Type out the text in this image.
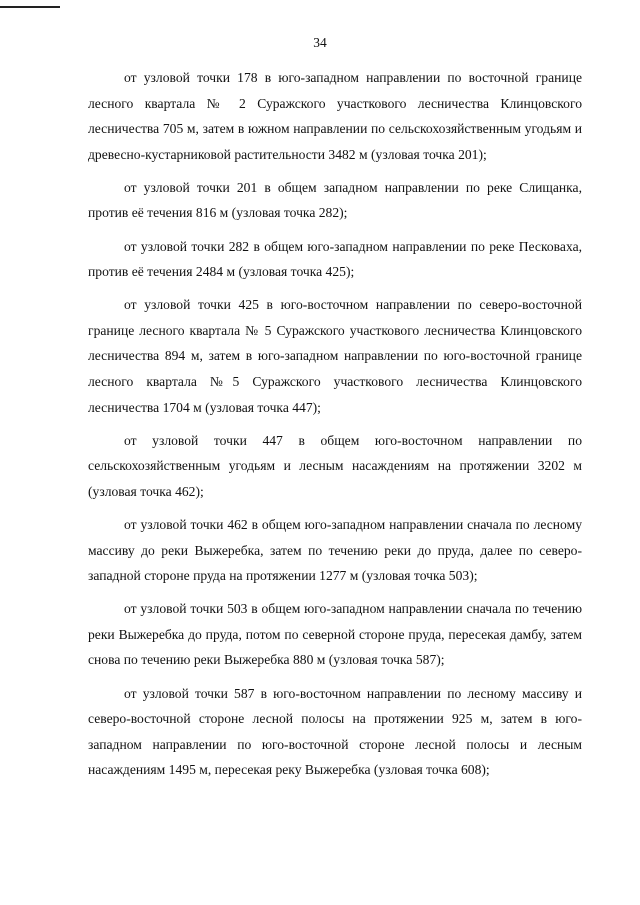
34

от узловой точки 178 в юго-западном направлении по восточной границе лесного квартала № 2 Суражского участкового лесничества Клинцовского лесничества 705 м, затем в южном направлении по сельскохозяйственным угодьям и древесно-кустарниковой растительности 3482 м (узловая точка 201);

от узловой точки 201 в общем западном направлении по реке Слищанка, против её течения 816 м (узловая точка 282);

от узловой точки 282 в общем юго-западном направлении по реке Песковаха, против её течения 2484 м (узловая точка 425);

от узловой точки 425 в юго-восточном направлении по северо-восточной границе лесного квартала № 5 Суражского участкового лесничества Клинцовского лесничества 894 м, затем в юго-западном направлении по юго-восточной границе лесного квартала №5 Суражского участкового лесничества Клинцовского лесничества 1704 м (узловая точка 447);

от узловой точки 447 в общем юго-восточном направлении по сельскохозяйственным угодьям и лесным насаждениям на протяжении 3202 м (узловая точка 462);

от узловой точки 462 в общем юго-западном направлении сначала по лесному массиву до реки Выжеребка, затем по течению реки до пруда, далее по северо-западной стороне пруда на протяжении 1277 м (узловая точка 503);

от узловой точки 503 в общем юго-западном направлении сначала по течению реки Выжеребка до пруда, потом по северной стороне пруда, пересекая дамбу, затем снова по течению реки Выжеребка 880 м (узловая точка 587);

от узловой точки 587 в юго-восточном направлении по лесному массиву и северо-восточной стороне лесной полосы на протяжении 925 м, затем в юго-западном направлении по юго-восточной стороне лесной полосы и лесным насаждениям 1495 м, пересекая реку Выжеребка (узловая точка 608);
